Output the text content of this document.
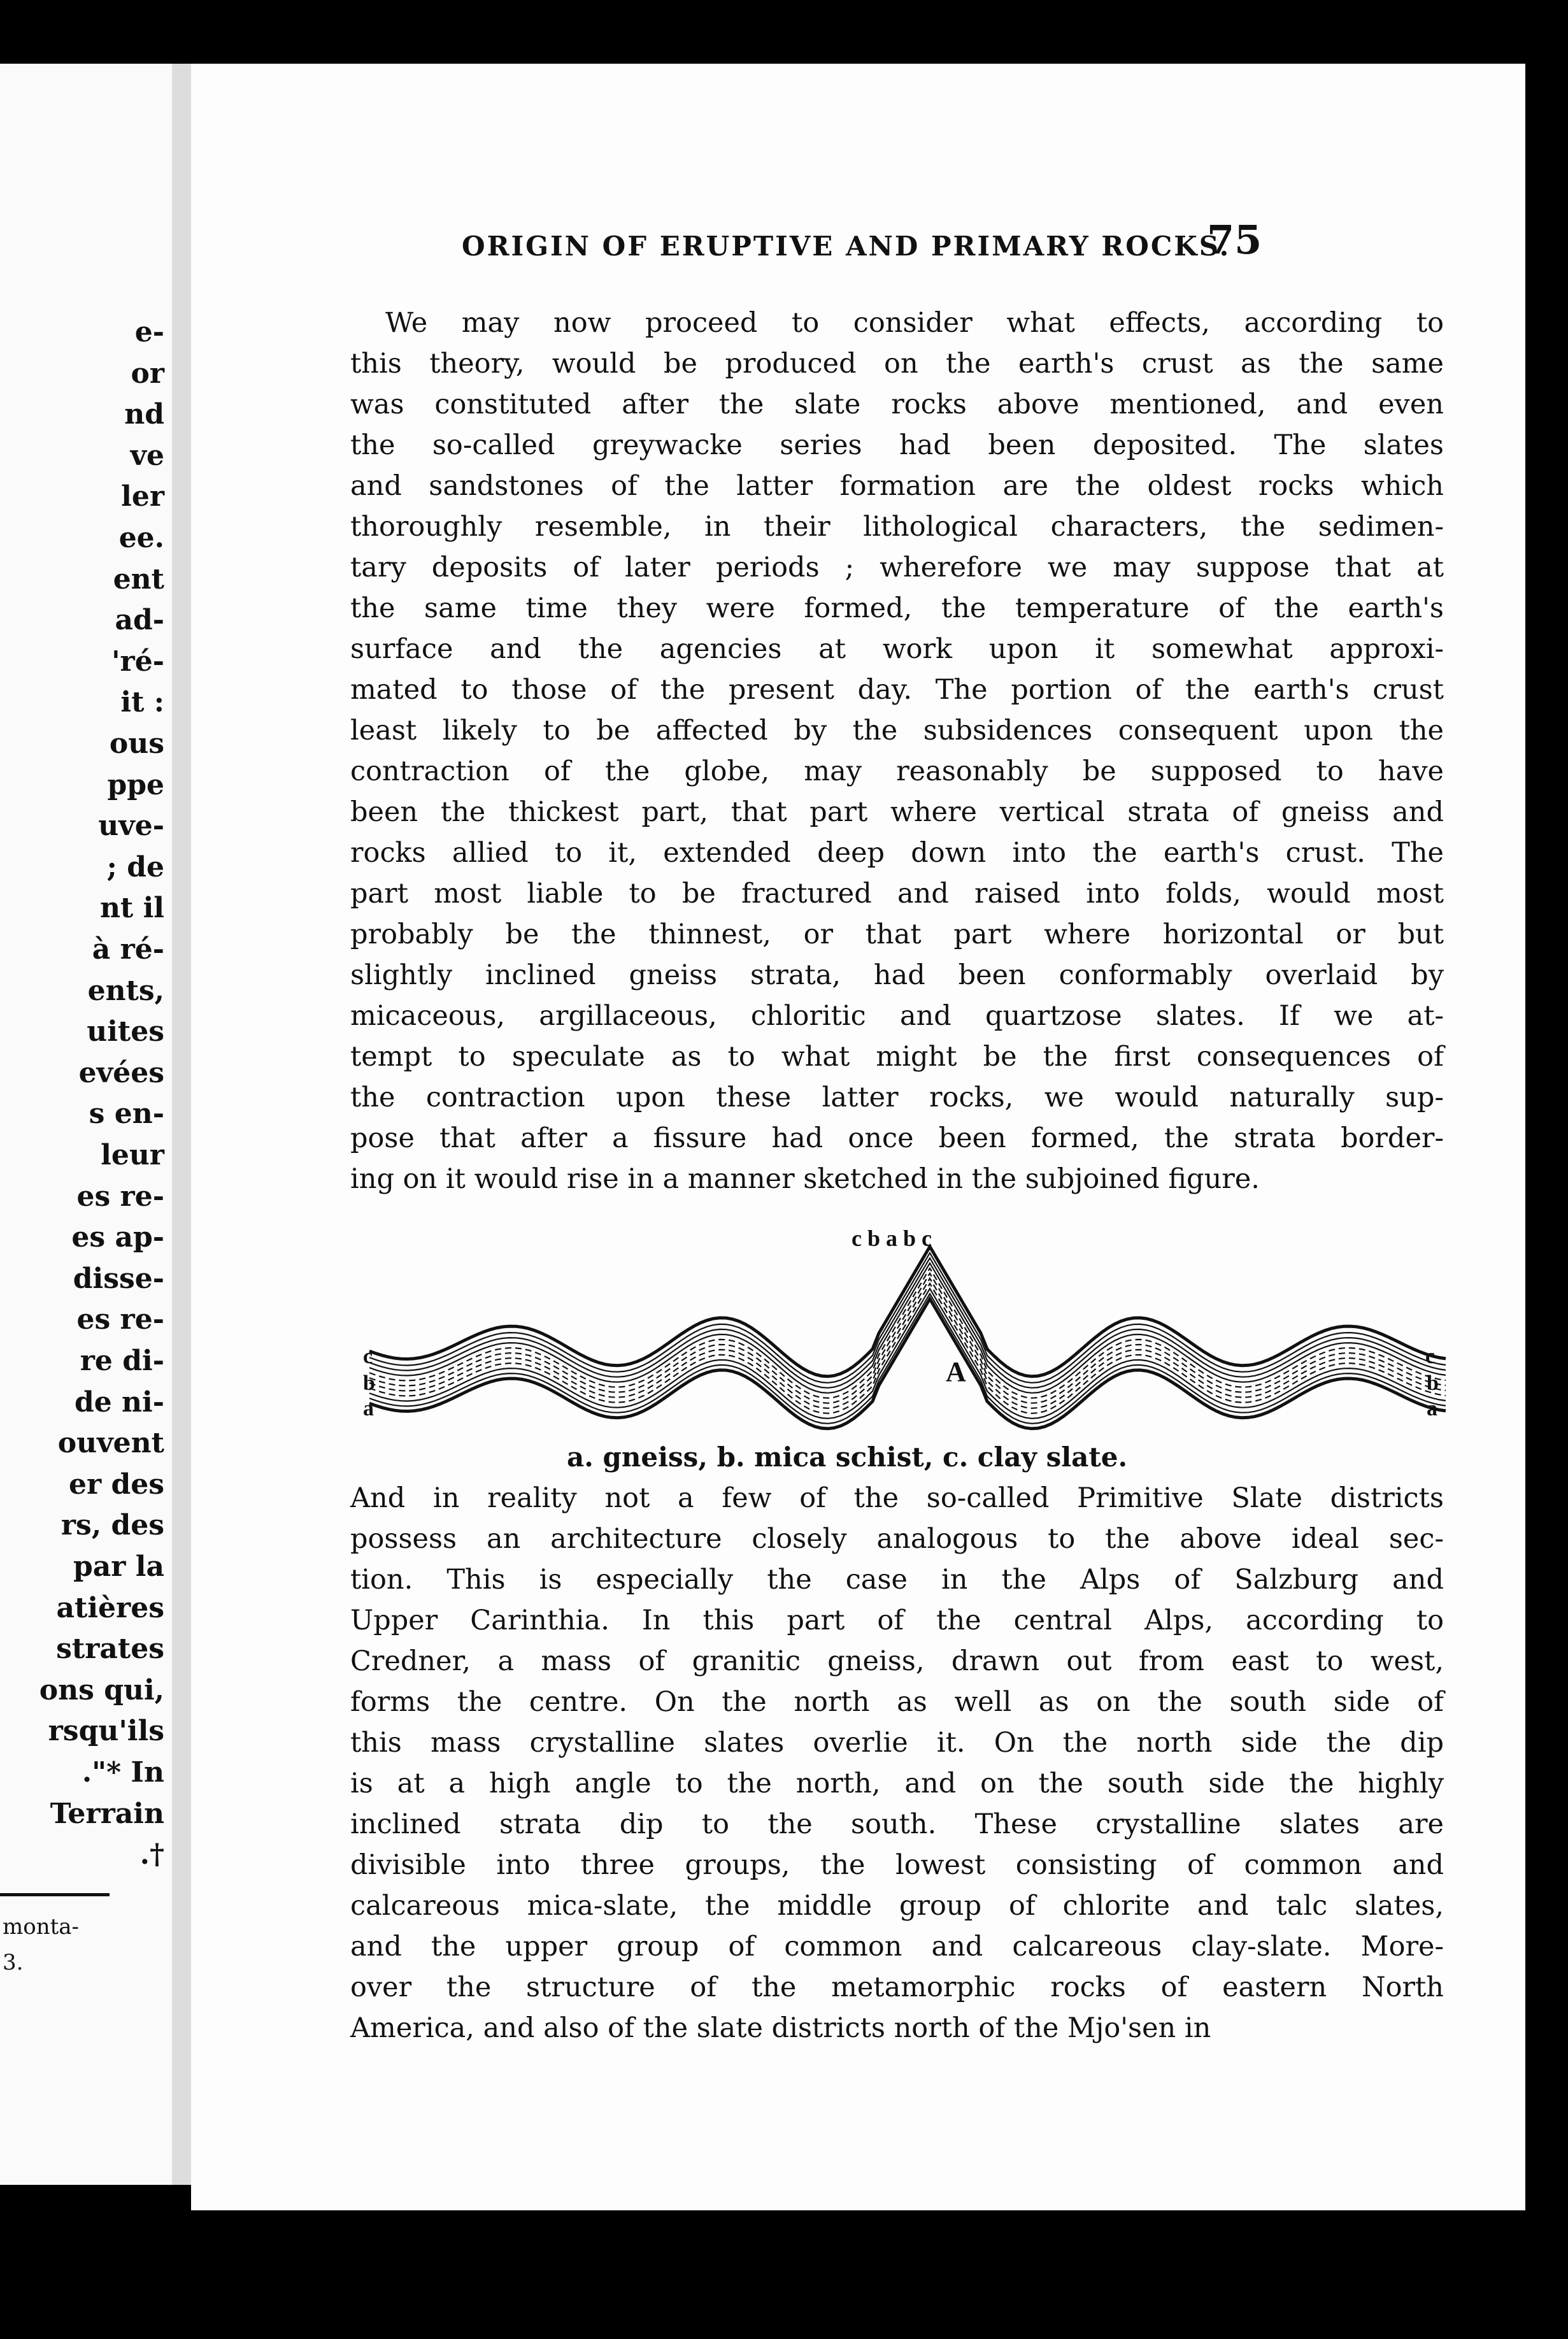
e-
or
nd
ve
ler
ee.
ent
ad-
'ré-
it :
ous
ppe
uve-
; de
nt il
à ré-
ents,
uites
evées
s en-
leur
es re-
es ap-
disse-
es re-
re di-
de ni-
ouvent
er des
rs, des
par la
atières
strates
ons qui,
rsqu'ils
."* In
Terrain
.†
monta-
3.
ORIGIN OF ERUPTIVE AND PRIMARY ROCKS.
75
We may now proceed to consider what effects, according to
this theory, would be produced on the earth's crust as the same
was constituted after the slate rocks above mentioned, and even
the so-called greywacke series had been deposited. The slates
and sandstones of the latter formation are the oldest rocks which
thoroughly resemble, in their lithological characters, the sedimen-
tary deposits of later periods ; wherefore we may suppose that at
the same time they were formed, the temperature of the earth's
surface and the agencies at work upon it somewhat approxi-
mated to those of the present day. The portion of the earth's crust
least likely to be affected by the subsidences consequent upon the
contraction of the globe, may reasonably be supposed to have
been the thickest part, that part where vertical strata of gneiss and
rocks allied to it, extended deep down into the earth's crust. The
part most liable to be fractured and raised into folds, would most
probably be the thinnest, or that part where horizontal or but
slightly inclined gneiss strata, had been conformably overlaid by
micaceous, argillaceous, chloritic and quartzose slates. If we at-
tempt to speculate as to what might be the first consequences of
the contraction upon these latter rocks, we would naturally sup-
pose that after a fissure had once been formed, the strata border-
ing on it would rise in a manner sketched in the subjoined figure.
c b a b c
A
c
b
a
c
b
a
a. gneiss, b. mica schist, c. clay slate.
And in reality not a few of the so-called Primitive Slate districts
possess an architecture closely analogous to the above ideal sec-
tion. This is especially the case in the Alps of Salzburg and
Upper Carinthia. In this part of the central Alps, according to
Credner, a mass of granitic gneiss, drawn out from east to west,
forms the centre. On the north as well as on the south side of
this mass crystalline slates overlie it. On the north side the dip
is at a high angle to the north, and on the south side the highly
inclined strata dip to the south. These crystalline slates are
divisible into three groups, the lowest consisting of common and
calcareous mica-slate, the middle group of chlorite and talc slates,
and the upper group of common and calcareous clay-slate. More-
over the structure of the metamorphic rocks of eastern North
America, and also of the slate districts north of the Mjo'sen in
